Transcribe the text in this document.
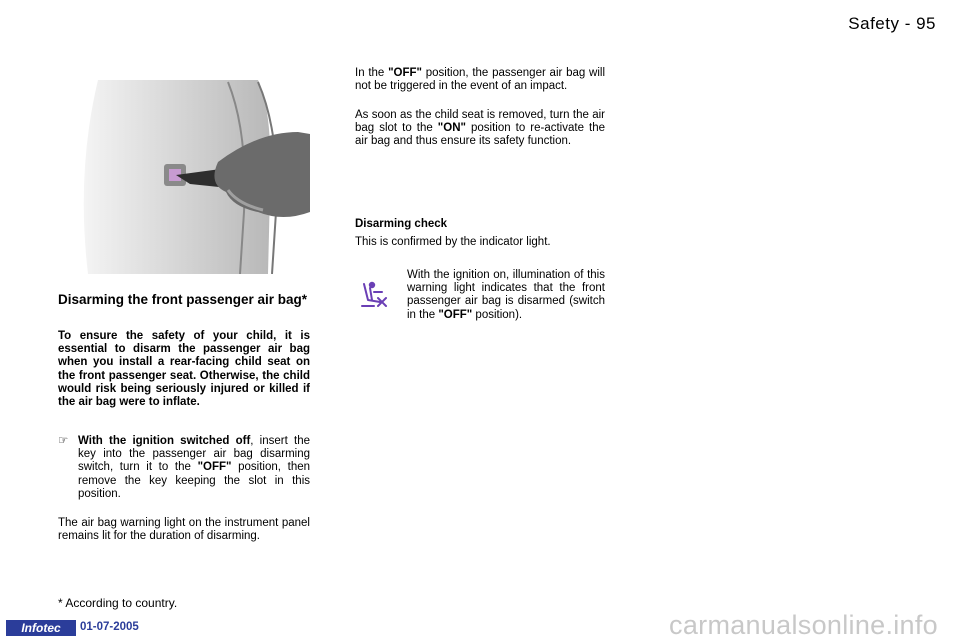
Safety - 95
Disarming the front passenger air bag*
To ensure the safety of your child, it is essential to disarm the passenger air bag when you install a rear-facing child seat on the front passenger seat. Otherwise, the child would risk being seriously injured or killed if the air bag were to inflate.
☞ With the ignition switched off, insert the key into the passenger air bag disarming switch, turn it to the "OFF" position, then remove the key keeping the slot in this position.
The air bag warning light on the instrument panel remains lit for the duration of disarming.
* According to country.
In the "OFF" position, the passenger air bag will not be triggered in the event of an impact.
As soon as the child seat is removed, turn the air bag slot to the "ON" position to re-activate the air bag and thus ensure its safety function.
Disarming check
This is confirmed by the indicator light.
With the ignition on, illumination of this warning light indicates that the front passenger air bag is disarmed (switch in the "OFF" position).
Infotec	01-07-2005	carmanualsonline.info
